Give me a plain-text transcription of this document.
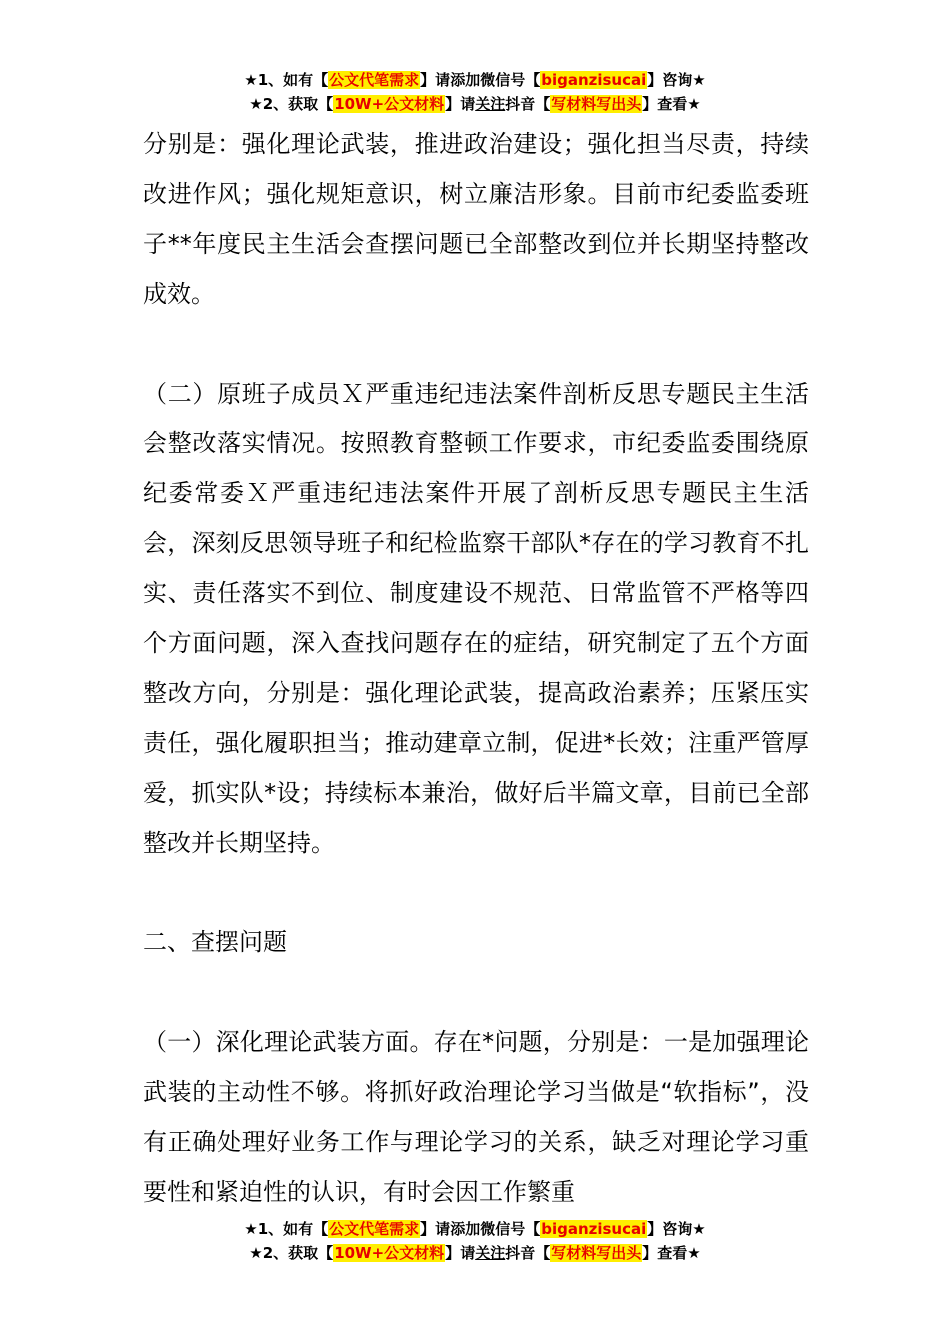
★1、如有【公文代笔需求】请添加微信号【biganzisucai】咨询★
★2、获取【10W+公文材料】请关注抖音【写材料写出头】查看★

分别是：强化理论武装，推进政治建设；强化担当尽责，持续改进作风；强化规矩意识，树立廉洁形象。目前市纪委监委班子**年度民主生活会查摆问题已全部整改到位并长期坚持整改成效。

（二）原班子成员Ｘ严重违纪违法案件剖析反思专题民主生活会整改落实情况。按照教育整顿工作要求，市纪委监委围绕原纪委常委Ｘ严重违纪违法案件开展了剖析反思专题民主生活会，深刻反思领导班子和纪检监察干部队*存在的学习教育不扎实、责任落实不到位、制度建设不规范、日常监管不严格等四个方面问题，深入查找问题存在的症结，研究制定了五个方面整改方向，分别是：强化理论武装，提高政治素养；压紧压实责任，强化履职担当；推动建章立制，促进*长效；注重严管厚爱，抓实队*设；持续标本兼治，做好后半篇文章，目前已全部整改并长期坚持。

二、查摆问题

（一）深化理论武装方面。存在*问题，分别是：一是加强理论武装的主动性不够。将抓好政治理论学习当做是“软指标”，没有正确处理好业务工作与理论学习的关系，缺乏对理论学习重要性和紧迫性的认识，有时会因工作繁重

★1、如有【公文代笔需求】请添加微信号【biganzisucai】咨询★
★2、获取【10W+公文材料】请关注抖音【写材料写出头】查看★
